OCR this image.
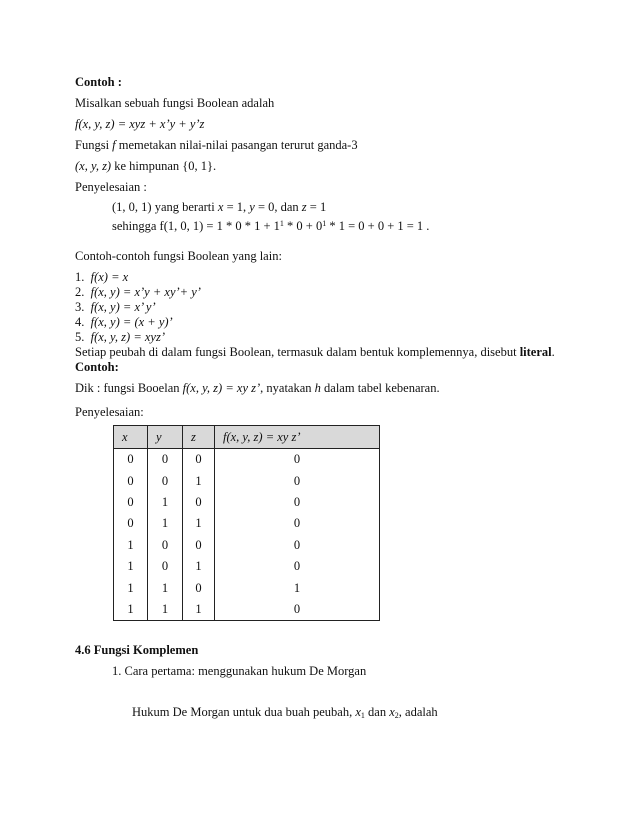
Contoh :
Misalkan sebuah fungsi Boolean adalah
f(x, y, z) = xyz + x’y + y’z
Fungsi f memetakan nilai-nilai pasangan terurut ganda-3
(x, y, z) ke himpunan {0, 1}.
Penyelesaian :
(1, 0, 1) yang berarti x = 1, y = 0, dan z = 1
sehingga f(1, 0, $1) = 1 * 0 * 1 + 1^1 * 0 + 0^1 * 1 = 0 + 0 + 1 = 1$ .
Contoh-contoh fungsi Boolean yang lain:
1. f(x) = x
2. f(x, y) = x’y + xy’+ y’
3. f(x, y) = x’ y’
4. f(x, y) = (x + y)’
5. f(x, y, z) = xyz’
Setiap peubah di dalam fungsi Boolean, termasuk dalam bentuk komplemennya, disebut literal.
Contoh:
Dik : fungsi Booelan f(x, y, z) = xy z’, nyatakan h dalam tabel kebenaran.
Penyelesaian:
x	y	z	f(x, y, z) = xy z’
0	0	0	0
0	0	1	0
0	1	0	0
0	1	1	0
1	0	0	0
1	0	1	0
1	1	0	1
1	1	1	0
4.6 Fungsi Komplemen
1. Cara pertama: menggunakan hukum De Morgan
Hukum De Morgan untuk dua buah peubah, $x_1$ dan $x_2$, adalah
